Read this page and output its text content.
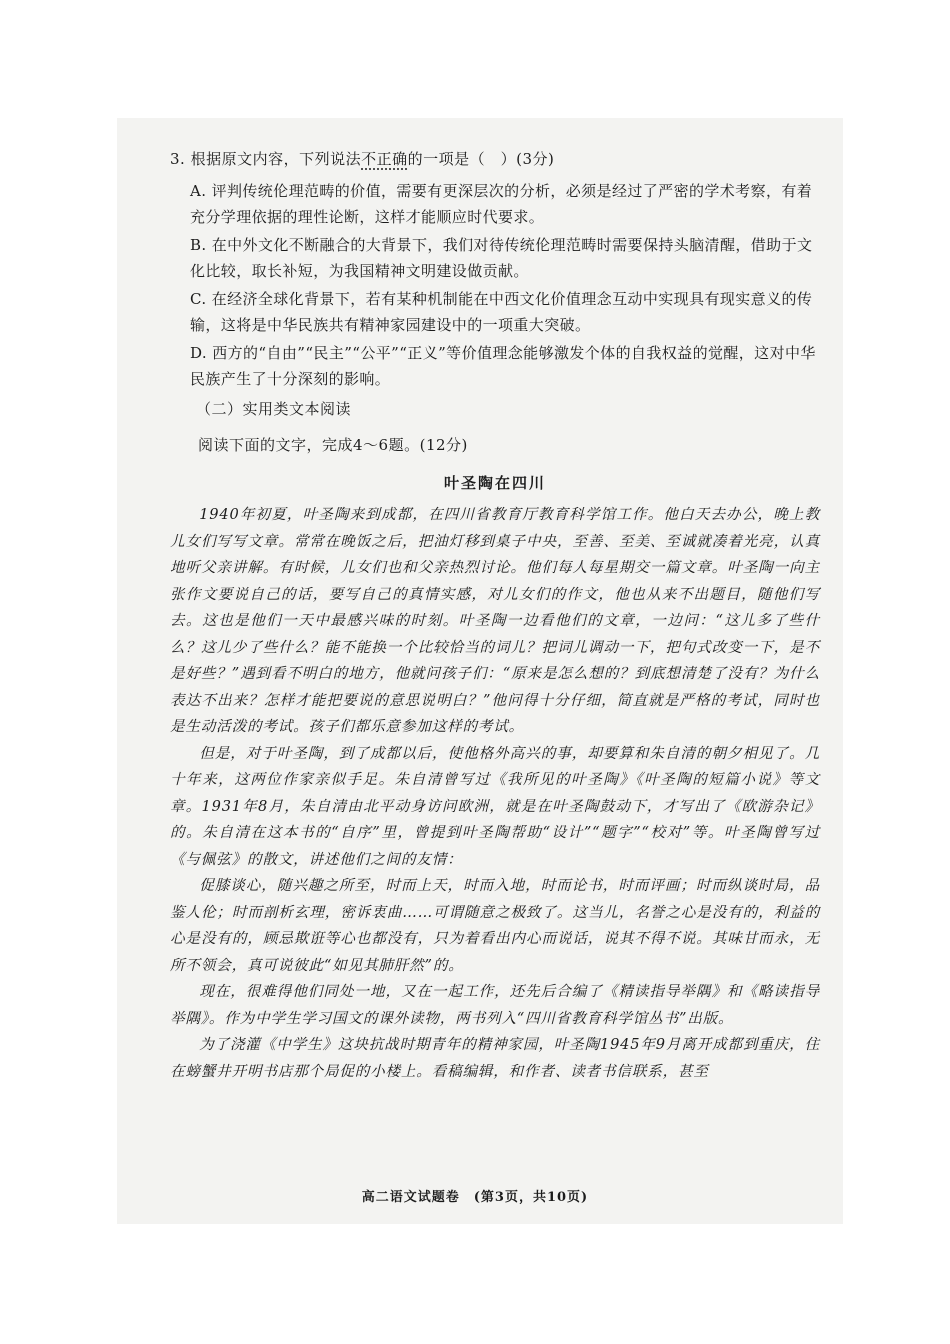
3. 根据原文内容，下列说法不正确的一项是（　）(3分)

A. 评判传统伦理范畴的价值，需要有更深层次的分析，必须是经过了严密的学术考察，有着充分学理依据的理性论断，这样才能顺应时代要求。

B. 在中外文化不断融合的大背景下，我们对待传统伦理范畴时需要保持头脑清醒，借助于文化比较，取长补短，为我国精神文明建设做贡献。

C. 在经济全球化背景下，若有某种机制能在中西文化价值理念互动中实现具有现实意义的传输，这将是中华民族共有精神家园建设中的一项重大突破。

D. 西方的“自由”“民主”“公平”“正义”等价值理念能够激发个体的自我权益的觉醒，这对中华民族产生了十分深刻的影响。

（二）实用类文本阅读

阅读下面的文字，完成4～6题。(12分)

叶圣陶在四川

1940年初夏，叶圣陶来到成都，在四川省教育厅教育科学馆工作。他白天去办公，晚上教儿女们写写文章。常常在晚饭之后，把油灯移到桌子中央，至善、至美、至诚就凑着光亮，认真地听父亲讲解。有时候，儿女们也和父亲热烈讨论。他们每人每星期交一篇文章。叶圣陶一向主张作文要说自己的话，要写自己的真情实感，对儿女们的作文，他也从来不出题目，随他们写去。这也是他们一天中最感兴味的时刻。叶圣陶一边看他们的文章，一边问：“这儿多了些什么？这儿少了些什么？能不能换一个比较恰当的词儿？把词儿调动一下，把句式改变一下，是不是好些？”遇到看不明白的地方，他就问孩子们：“原来是怎么想的？到底想清楚了没有？为什么表达不出来？怎样才能把要说的意思说明白？”他问得十分仔细，简直就是严格的考试，同时也是生动活泼的考试。孩子们都乐意参加这样的考试。

但是，对于叶圣陶，到了成都以后，使他格外高兴的事，却要算和朱自清的朝夕相见了。几十年来，这两位作家亲似手足。朱自清曾写过《我所见的叶圣陶》《叶圣陶的短篇小说》等文章。1931年8月，朱自清由北平动身访问欧洲，就是在叶圣陶鼓动下，才写出了《欧游杂记》的。朱自清在这本书的“自序”里，曾提到叶圣陶帮助“设计”“题字”“校对”等。叶圣陶曾写过《与佩弦》的散文，讲述他们之间的友情：

促膝谈心，随兴趣之所至，时而上天，时而入地，时而论书，时而评画；时而纵谈时局，品鉴人伦；时而剖析玄理，密诉衷曲……可谓随意之极致了。这当儿，名誉之心是没有的，利益的心是没有的，顾忌欺诳等心也都没有，只为着看出内心而说话，说其不得不说。其味甘而永，无所不领会，真可说彼此“如见其肺肝然”的。

现在，很难得他们同处一地，又在一起工作，还先后合编了《精读指导举隅》和《略读指导举隅》。作为中学生学习国文的课外读物，两书列入“四川省教育科学馆丛书”出版。

为了浇灌《中学生》这块抗战时期青年的精神家园，叶圣陶1945年9月离开成都到重庆，住在螃蟹井开明书店那个局促的小楼上。看稿编辑，和作者、读者书信联系，甚至

高二语文试题卷　(第3页，共10页)
